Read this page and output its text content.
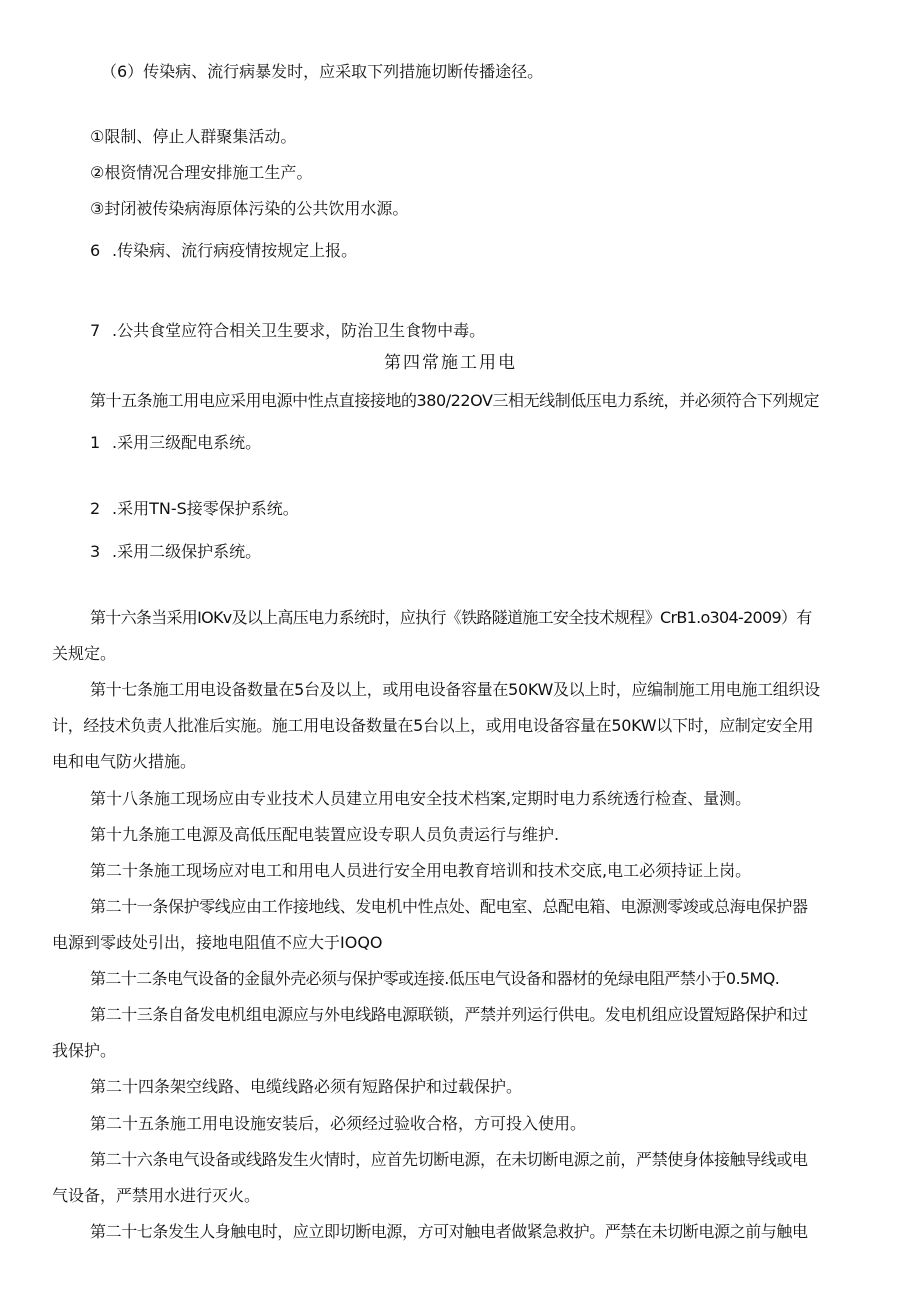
（6）传染病、流行病暴发时，应采取下列措施切断传播途径。

①限制、停止人群聚集活动。

②根资情况合理安排施工生产。

③封闭被传染病海原体污染的公共饮用水源。

6 .传染病、流行病疫情按规定上报。

7 .公共食堂应符合相关卫生要求，防治卫生食物中毒。

第四常施工用电

第十五条施工用电应采用电源中性点直接接地的380/22OV三相无线制低压电力系统，并必须符合下列规定

1 .采用三级配电系统。

2 .采用TN-S接零保护系统。

3 .采用二级保护系统。

第十六条当采用IOKv及以上高压电力系统时，应执行《铁路隧道施工安全技术规程》CrB1.o304-2009）有

关规定。

第十七条施工用电设备数量在5台及以上，或用电设备容量在50KW及以上时，应编制施工用电施工组织设

计，经技术负责人批准后实施。施工用电设备数量在5台以上，或用电设备容量在50KW以下时，应制定安全用

电和电气防火措施。

第十八条施工现场应由专业技术人员建立用电安全技术档案,定期时电力系统透行检查、量测。

第十九条施工电源及高低压配电装置应设专职人员负责运行与维护.

第二十条施工现场应对电工和用电人员进行安全用电教育培训和技术交底,电工必须持证上岗。

第二十一条保护零线应由工作接地线、发电机中性点处、配电室、总配电箱、电源测零竣或总海电保护器

电源到零歧处引出，接地电阻值不应大于IOQO

第二十二条电气设备的金鼠外壳必须与保护零或连接.低压电气设备和器材的免绿电阻严禁小于0.5MQ.

第二十三条自备发电机组电源应与外电线路电源联锁，严禁并列运行供电。发电机组应设置短路保护和过

我保护。

第二十四条架空线路、电缆线路必须有短路保护和过载保护。

第二十五条施工用电设施安装后，必须经过验收合格，方可投入使用。

第二十六条电气设备或线路发生火情时，应首先切断电源，在未切断电源之前，严禁使身体接触导线或电

气设备，严禁用水进行灭火。

第二十七条发生人身触电时，应立即切断电源，方可对触电者做紧急救护。严禁在未切断电源之前与触电
